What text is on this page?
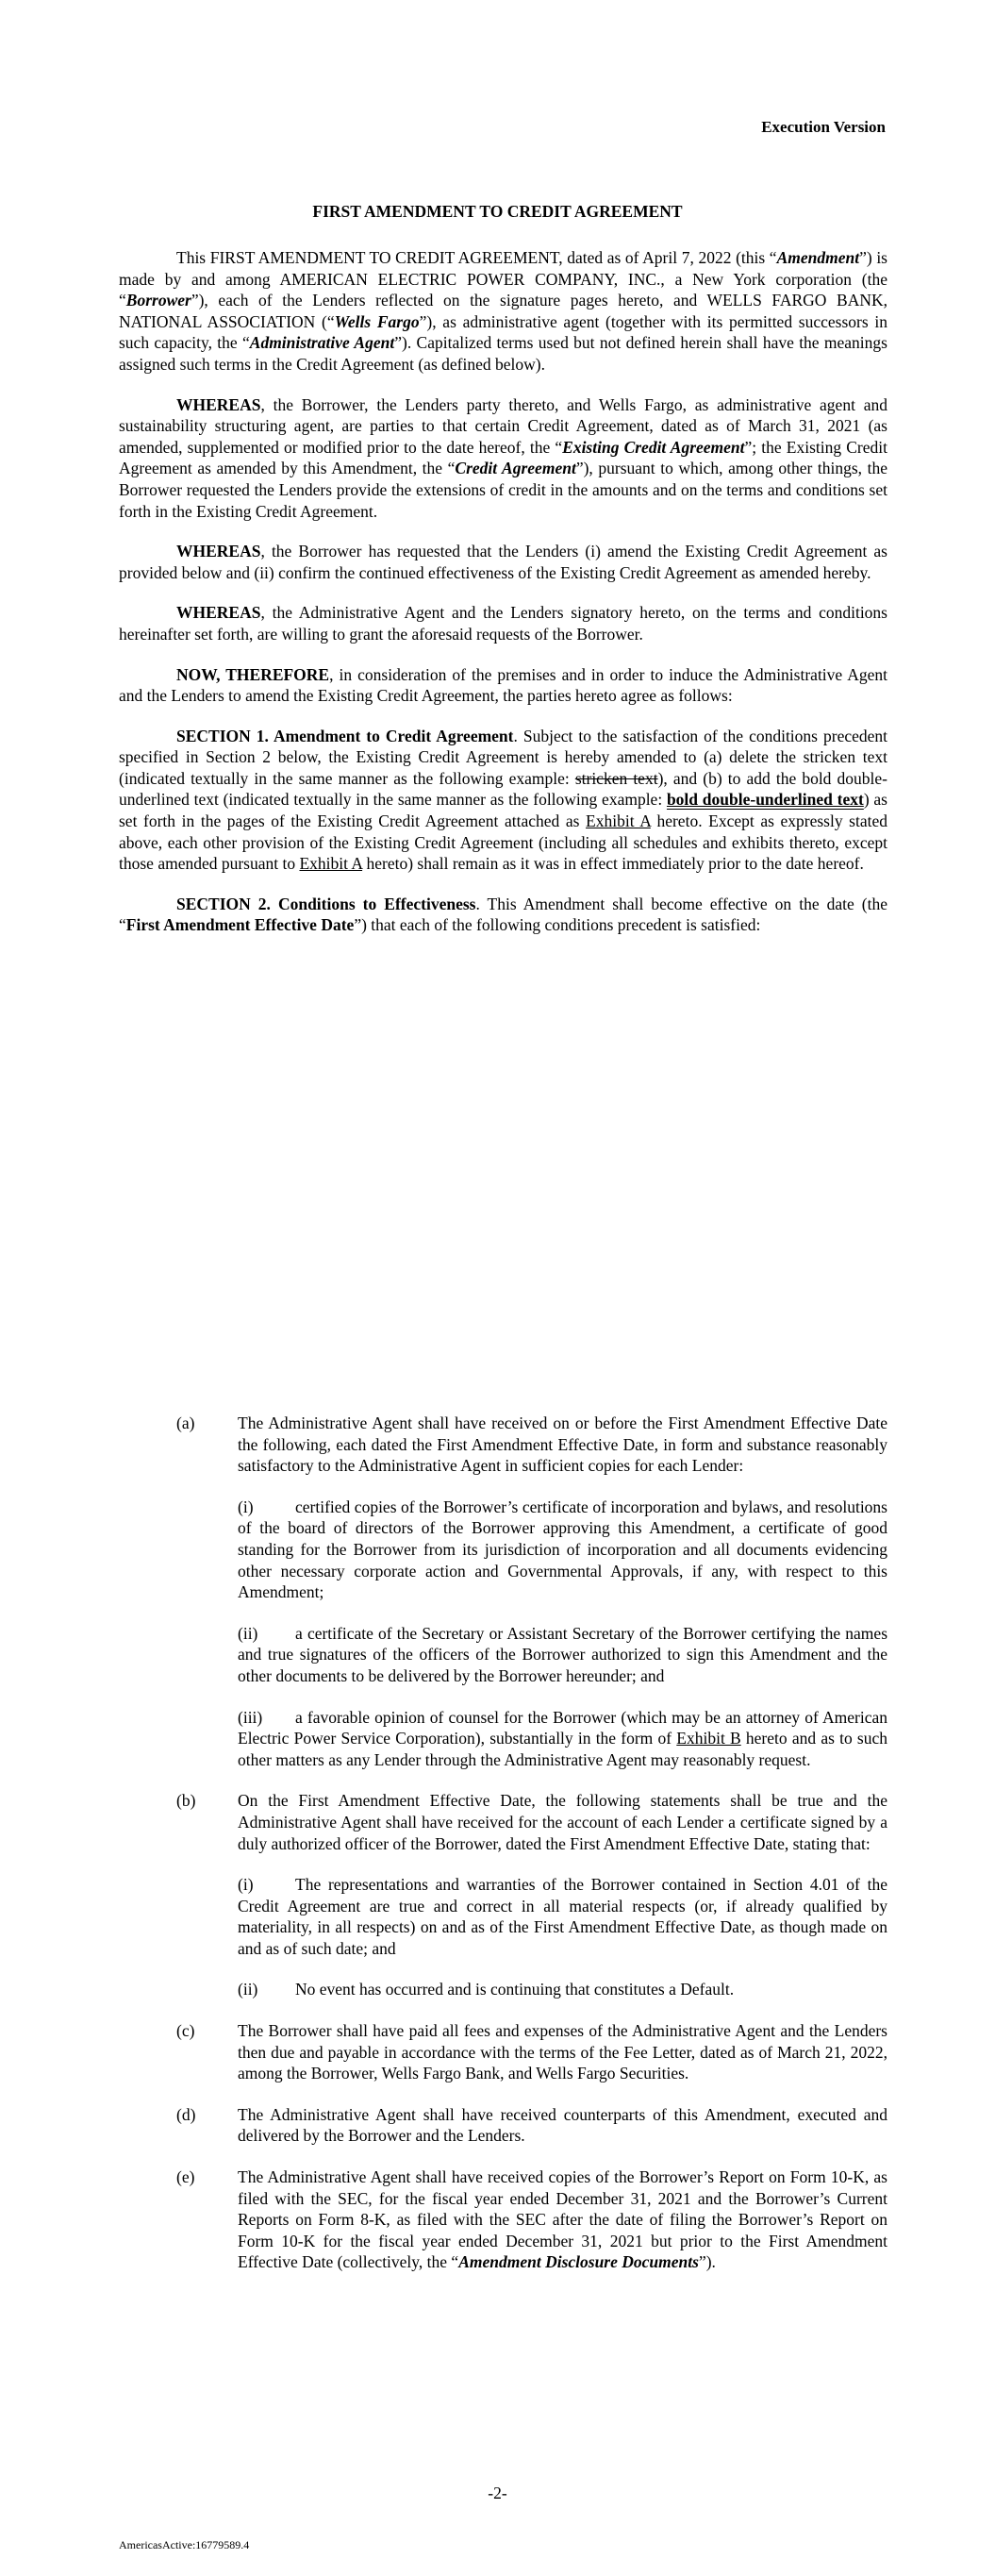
Execution Version

FIRST AMENDMENT TO CREDIT AGREEMENT

This FIRST AMENDMENT TO CREDIT AGREEMENT, dated as of April 7, 2022 (this “Amendment”) is made by and among AMERICAN ELECTRIC POWER COMPANY, INC., a New York corporation (the “Borrower”), each of the Lenders reflected on the signature pages hereto, and WELLS FARGO BANK, NATIONAL ASSOCIATION (“Wells Fargo”), as administrative agent (together with its permitted successors in such capacity, the “Administrative Agent”). Capitalized terms used but not defined herein shall have the meanings assigned such terms in the Credit Agreement (as defined below).

WHEREAS, the Borrower, the Lenders party thereto, and Wells Fargo, as administrative agent and sustainability structuring agent, are parties to that certain Credit Agreement, dated as of March 31, 2021 (as amended, supplemented or modified prior to the date hereof, the “Existing Credit Agreement”; the Existing Credit Agreement as amended by this Amendment, the “Credit Agreement”), pursuant to which, among other things, the Borrower requested the Lenders provide the extensions of credit in the amounts and on the terms and conditions set forth in the Existing Credit Agreement.

WHEREAS, the Borrower has requested that the Lenders (i) amend the Existing Credit Agreement as provided below and (ii) confirm the continued effectiveness of the Existing Credit Agreement as amended hereby.

WHEREAS, the Administrative Agent and the Lenders signatory hereto, on the terms and conditions hereinafter set forth, are willing to grant the aforesaid requests of the Borrower.

NOW, THEREFORE, in consideration of the premises and in order to induce the Administrative Agent and the Lenders to amend the Existing Credit Agreement, the parties hereto agree as follows:

SECTION 1. Amendment to Credit Agreement. Subject to the satisfaction of the conditions precedent specified in Section 2 below, the Existing Credit Agreement is hereby amended to (a) delete the stricken text (indicated textually in the same manner as the following example: stricken text), and (b) to add the bold double-underlined text (indicated textually in the same manner as the following example: bold double-underlined text) as set forth in the pages of the Existing Credit Agreement attached as Exhibit A hereto. Except as expressly stated above, each other provision of the Existing Credit Agreement (including all schedules and exhibits thereto, except those amended pursuant to Exhibit A hereto) shall remain as it was in effect immediately prior to the date hereof.

SECTION 2. Conditions to Effectiveness. This Amendment shall become effective on the date (the “First Amendment Effective Date”) that each of the following conditions precedent is satisfied:

(a)	The Administrative Agent shall have received on or before the First Amendment Effective Date the following, each dated the First Amendment Effective Date, in form and substance reasonably satisfactory to the Administrative Agent in sufficient copies for each Lender:

(i)	certified copies of the Borrower’s certificate of incorporation and bylaws, and resolutions of the board of directors of the Borrower approving this Amendment, a certificate of good standing for the Borrower from its jurisdiction of incorporation and all documents evidencing other necessary corporate action and Governmental Approvals, if any, with respect to this Amendment;

(ii) a certificate of the Secretary or Assistant Secretary of the Borrower certifying the names and true signatures of the officers of the Borrower authorized to sign this Amendment and the other documents to be delivered by the Borrower hereunder; and

(iii) a favorable opinion of counsel for the Borrower (which may be an attorney of American Electric Power Service Corporation), substantially in the form of Exhibit B hereto and as to such other matters as any Lender through the Administrative Agent may reasonably request.

(b)	On the First Amendment Effective Date, the following statements shall be true and the Administrative Agent shall have received for the account of each Lender a certificate signed by a duly authorized officer of the Borrower, dated the First Amendment Effective Date, stating that:

(i)	The representations and warranties of the Borrower contained in Section 4.01 of the Credit Agreement are true and correct in all material respects (or, if already qualified by materiality, in all respects) on and as of the First Amendment Effective Date, as though made on and as of such date; and

(ii) No event has occurred and is continuing that constitutes a Default.

(c)	The Borrower shall have paid all fees and expenses of the Administrative Agent and the Lenders then due and payable in accordance with the terms of the Fee Letter, dated as of March 21, 2022, among the Borrower, Wells Fargo Bank, and Wells Fargo Securities.

(d)	The Administrative Agent shall have received counterparts of this Amendment, executed and delivered by the Borrower and the Lenders.

(e)	The Administrative Agent shall have received copies of the Borrower’s Report on Form 10-K, as filed with the SEC, for the fiscal year ended December 31, 2021 and the Borrower’s Current Reports on Form 8-K, as filed with the SEC after the date of filing the Borrower’s Report on Form 10-K for the fiscal year ended December 31, 2021 but prior to the First Amendment Effective Date (collectively, the “Amendment Disclosure Documents”).

-2-

AmericasActive:16779589.4
